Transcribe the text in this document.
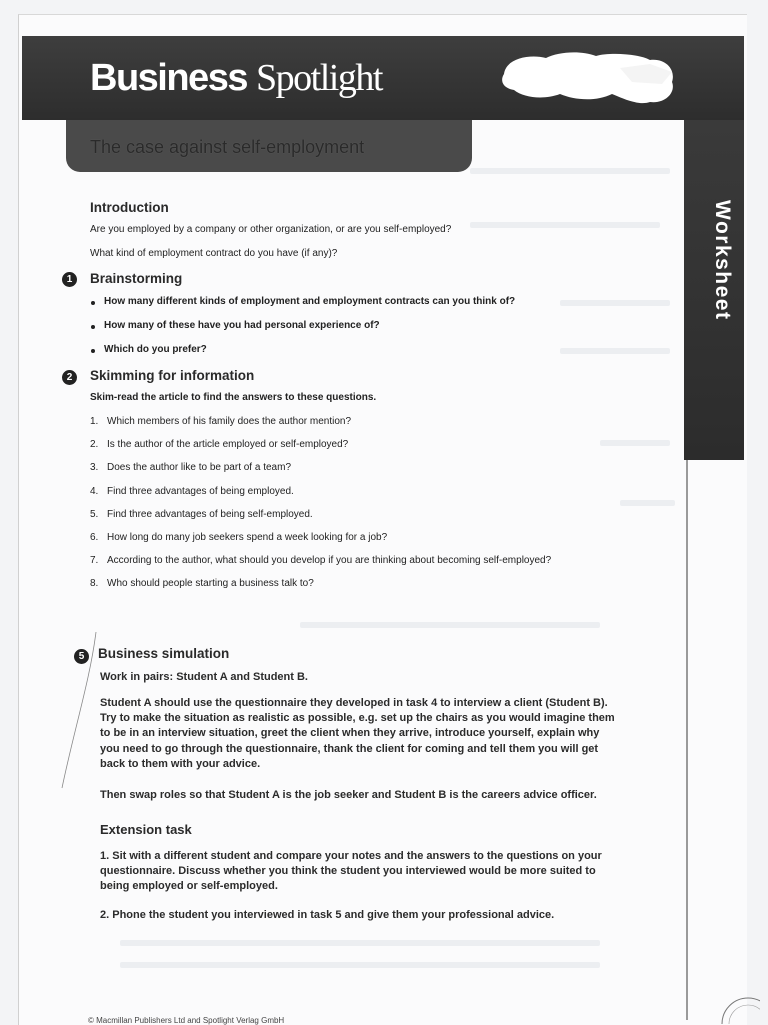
Business Spotlight
The case against self-employment
Worksheet
Introduction
Are you employed by a company or other organization, or are you self-employed?
What kind of employment contract do you have (if any)?
1	Brainstorming
How many different kinds of employment and employment contracts can you think of?
How many of these have you had personal experience of?
Which do you prefer?
2	Skimming for information
Skim-read the article to find the answers to these questions.
1. Which members of his family does the author mention?
2. Is the author of the article employed or self-employed?
3. Does the author like to be part of a team?
4. Find three advantages of being employed.
5. Find three advantages of being self-employed.
6. How long do many job seekers spend a week looking for a job?
7. According to the author, what should you develop if you are thinking about becoming self-employed?
8. Who should people starting a business talk to?
5	Business simulation
Work in pairs: Student A and Student B.
Student A should use the questionnaire they developed in task 4 to interview a client (Student B).
Try to make the situation as realistic as possible, e.g. set up the chairs as you would imagine them
to be in an interview situation, greet the client when they arrive, introduce yourself, explain why
you need to go through the questionnaire, thank the client for coming and tell them you will get
back to them with your advice.
Then swap roles so that Student A is the job seeker and Student B is the careers advice officer.
Extension task
1. Sit with a different student and compare your notes and the answers to the questions on your
questionnaire. Discuss whether you think the student you interviewed would be more suited to
being employed or self-employed.
2. Phone the student you interviewed in task 5 and give them your professional advice.
© Macmillan Publishers Ltd and Spotlight Verlag GmbH
